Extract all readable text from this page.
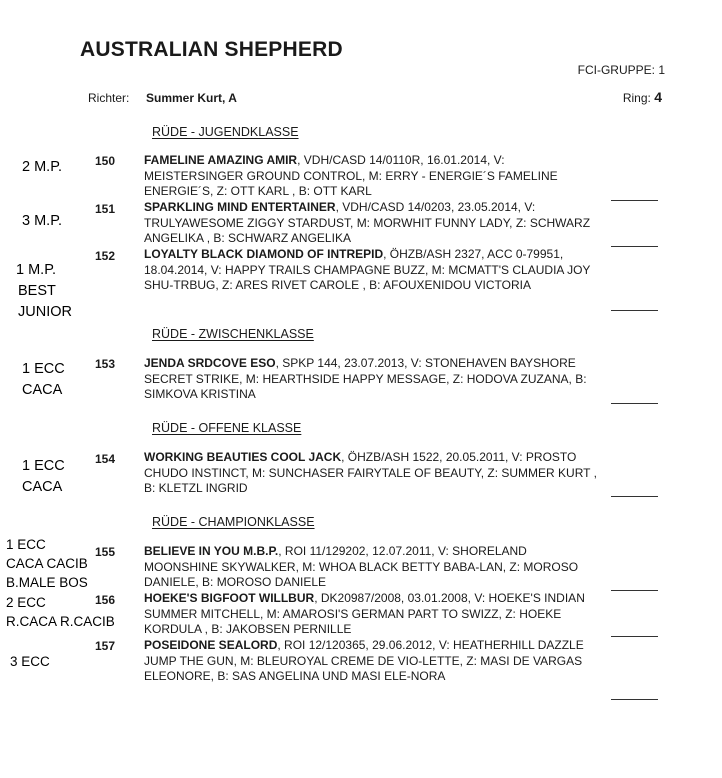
AUSTRALIAN SHEPHERD
FCI-GRUPPE: 1
Richter: Summer Kurt, A	Ring: 4
RÜDE - JUGENDKLASSE
RÜDE - ZWISCHENKLASSE
RÜDE - OFFENE KLASSE
RÜDE - CHAMPIONKLASSE
150 FAMELINE AMAZING AMIR, VDH/CASD 14/0110R, 16.01.2014, V: MEISTERSINGER GROUND CONTROL, M: ERRY - ENERGIE´S FAMELINE ENERGIE´S, Z: OTT KARL , B: OTT KARL
151 SPARKLING MIND ENTERTAINER, VDH/CASD 14/0203, 23.05.2014, V: TRULYAWESOME ZIGGY STARDUST, M: MORWHIT FUNNY LADY, Z: SCHWARZ ANGELIKA , B: SCHWARZ ANGELIKA
152 LOYALTY BLACK DIAMOND OF INTREPID, ÖHZB/ASH 2327, ACC 0-79951, 18.04.2014, V: HAPPY TRAILS CHAMPAGNE BUZZ, M: MCMATT'S CLAUDIA JOY SHU-TRBUG, Z: ARES RIVET CAROLE , B: AFOUXENIDOU VICTORIA
153 JENDA SRDCOVE ESO, SPKP 144, 23.07.2013, V: STONEHAVEN BAYSHORE SECRET STRIKE, M: HEARTHSIDE HAPPY MESSAGE, Z: HODOVA ZUZANA, B: SIMKOVA KRISTINA
154 WORKING BEAUTIES COOL JACK, ÖHZB/ASH 1522, 20.05.2011, V: PROSTO CHUDO INSTINCT, M: SUNCHASER FAIRYTALE OF BEAUTY, Z: SUMMER KURT , B: KLETZL INGRID
155 BELIEVE IN YOU M.B.P., ROI 11/129202, 12.07.2011, V: SHORELAND MOONSHINE SKYWALKER, M: WHOA BLACK BETTY BABA-LAN, Z: MOROSO DANIELE, B: MOROSO DANIELE
156 HOEKE'S BIGFOOT WILLBUR, DK20987/2008, 03.01.2008, V: HOEKE'S INDIAN SUMMER MITCHELL, M: AMAROSI'S GERMAN PART TO SWIZZ, Z: HOEKE KORDULA , B: JAKOBSEN PERNILLE
157 POSEIDONE SEALORD, ROI 12/120365, 29.06.2012, V: HEATHERHILL DAZZLE JUMP THE GUN, M: BLEUROYAL CREME DE VIO-LETTE, Z: MASI DE VARGAS ELEONORE, B: SAS ANGELINA UND MASI ELE-NORA
2 M.P.
3 M.P.
1 M.P.
BEST
JUNIOR
1 ECC
CACA
1 ECC
CACA
1 ECC
CACA CACIB
B.MALE BOS
2 ECC
R.CACA R.CACIB
3 ECC
